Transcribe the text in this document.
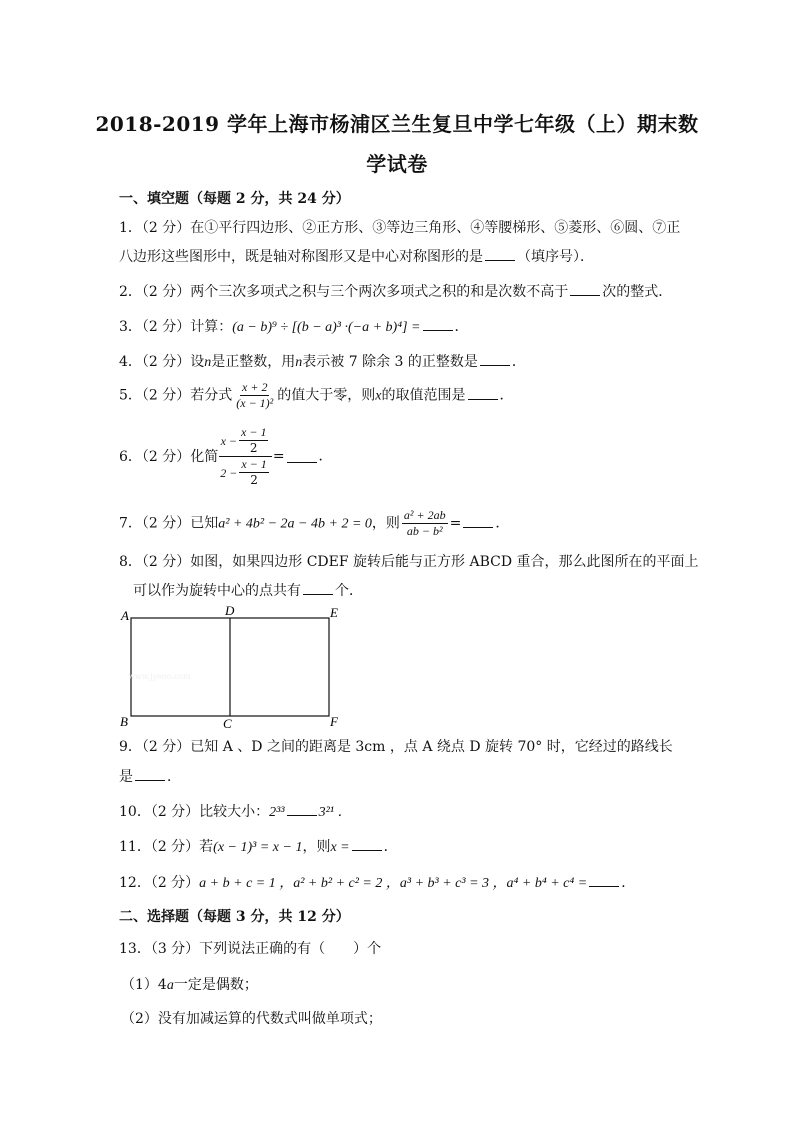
2018-2019 学年上海市杨浦区兰生复旦中学七年级（上）期末数
学试卷
一、填空题（每题 2 分，共 24 分）
1．（2 分）在①平行四边形、②正方形、③等边三角形、④等腰梯形、⑤菱形、⑥圆、⑦正
八边形这些图形中，既是轴对称图形又是中心对称图形的是 （填序号）．
2．（2 分）两个三次多项式之积与三个两次多项式之积的和是次数不高于 次的整式．
3．（2 分）计算：(a − b)⁹ ÷ [(b − a)³ ·(−a + b)⁴] = ．
4．（2 分）设n是正整数，用n表示被 7 除余 3 的正整数是 ．
5．（2 分）若分式 $\frac{x + 2}{\text{(x − 1)²}}$ 的值大于零，则x的取值范围是 ．
6．（2 分）化简 $\frac{x - \frac{x - 1}{2}}{2 - \frac{x - 1}{2}}$ = ．
7．（2 分）已知a² + 4b² − 2a − 4b + 2 = 0，则 $\frac{\text{a² + 2ab}}{\text{ab − b²}}$ = ．
8．（2 分）如图，如果四边形 CDEF 旋转后能与正方形 ABCD 重合，那么此图所在的平面上
可以作为旋转中心的点共有 个．
A	D	E
B	C	F
www.jyeoo.com
9．（2 分）已知 A 、D 之间的距离是 3cm ，点 A 绕点 D 旋转 70° 时，它经过的路线长
是 ．
10．（2 分）比较大小：2³³ 3²¹ ．
11．（2 分）若(x − 1)³ = x − 1，则x = ．
12．（2 分）a + b + c = 1 ，a² + b² + c² = 2 ，a³ + b³ + c³ = 3 ，a⁴ + b⁴ + c⁴ = ．
二、选择题（每题 3 分，共 12 分）
13．（3 分）下列说法正确的有（　　）个
（1）4a一定是偶数；
（2）没有加减运算的代数式叫做单项式；
